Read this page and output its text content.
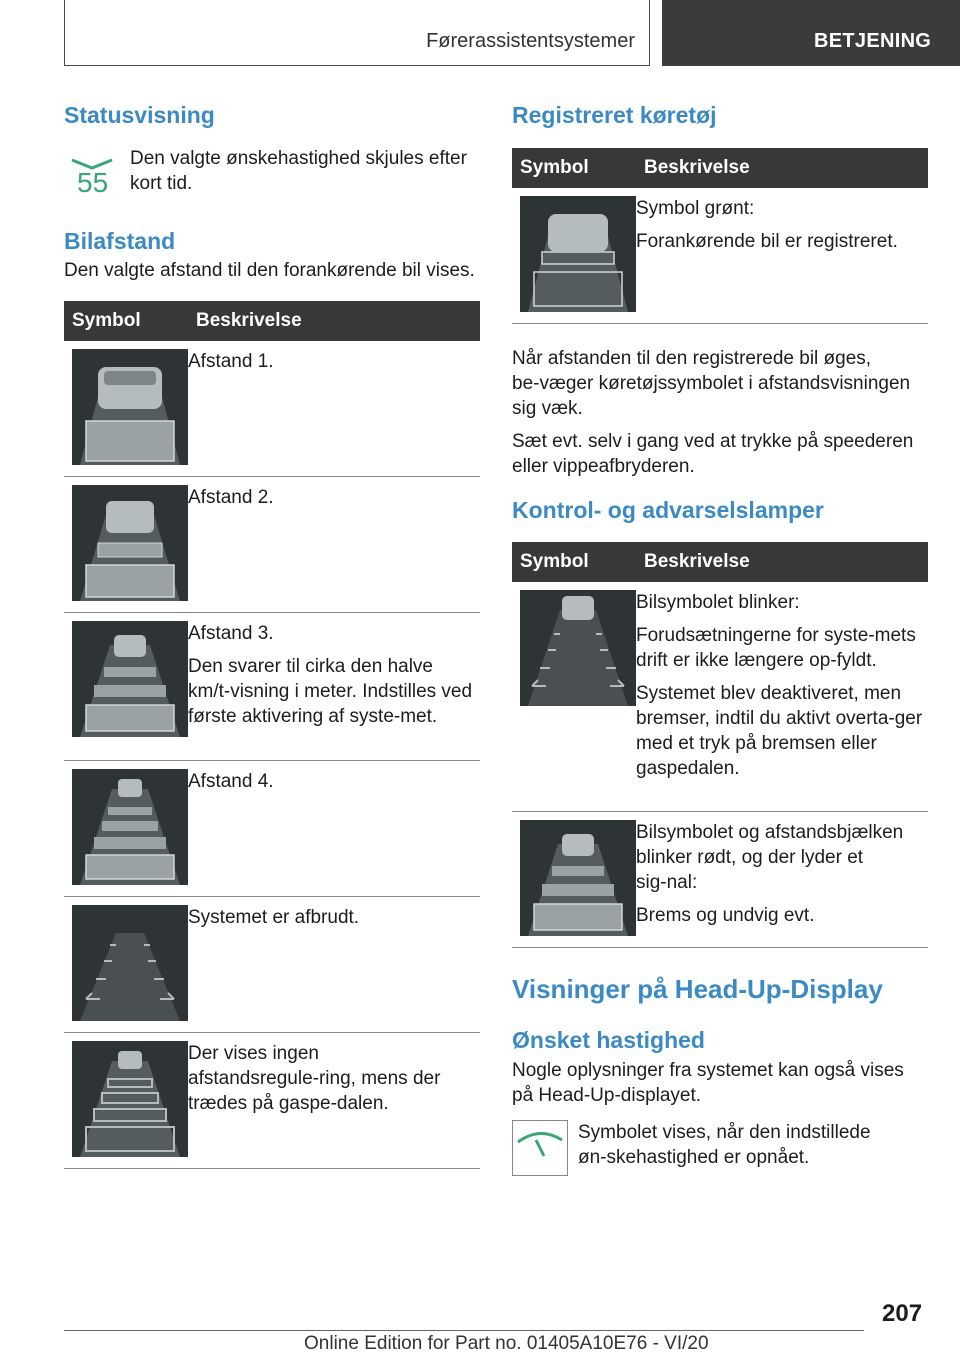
Førerassistentsystemer	BETJENING
Statusvisning
55

Den valgte ønskehastighed skjules efter kort tid.

Bilafstand

Den valgte afstand til den forankørende bil vises.

Symbol	Beskrivelse
Afstand 1.
Afstand 2.
Afstand 3.
Den svarer til cirka den halve km/t‑visning i meter. Indstilles ved første aktivering af syste‑met.
Afstand 4.
Systemet er afbrudt.
Der vises ingen afstandsregule‑ring, mens der trædes på gaspe‑dalen.
Registreret køretøj
Symbol	Beskrivelse
Symbol grønt:
Forankørende bil er registreret.

Når afstanden til den registrerede bil øges, be‑væger køretøjssymbolet i afstandsvisningen sig væk.

Sæt evt. selv i gang ved at trykke på speederen eller vippeafbryderen.

Kontrol- og advarselslamper
Symbol	Beskrivelse
Bilsymbolet blinker:
Forudsætningerne for syste‑mets drift er ikke længere op‑fyldt.
Systemet blev deaktiveret, men bremser, indtil du aktivt overta‑ger med et tryk på bremsen eller gaspedalen.
Bilsymbolet og afstandsbjælken blinker rødt, og der lyder et sig‑nal:
Brems og undvig evt.
Visninger på Head-Up-Display
Ønsket hastighed

Nogle oplysninger fra systemet kan også vises på Head-Up-displayet.

Symbolet vises, når den indstillede øn‑skehastighed er opnået.

207
Online Edition for Part no. 01405A10E76 - VI/20
